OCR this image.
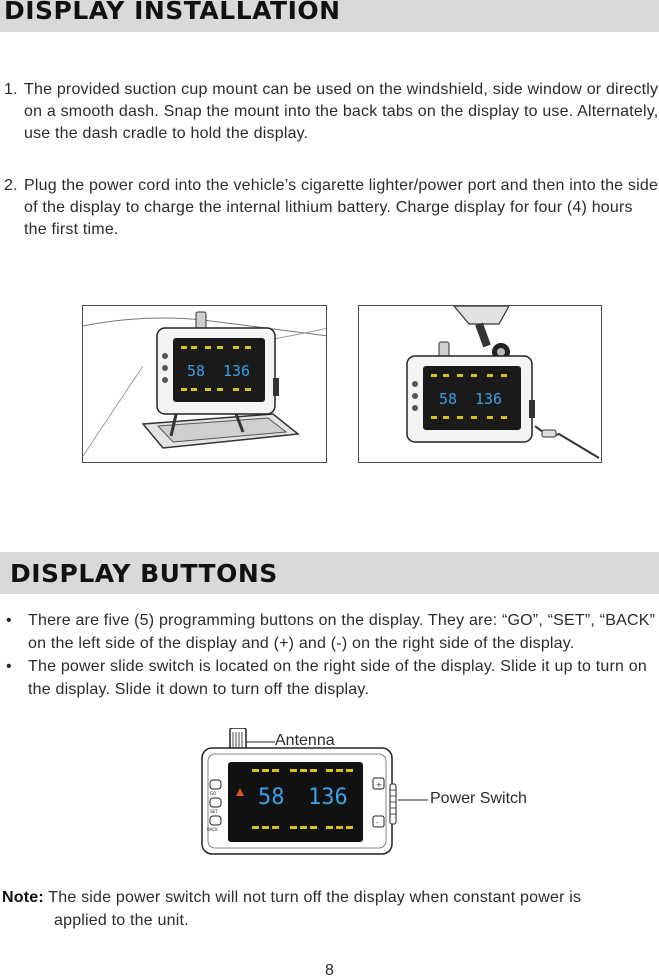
DISPLAY INSTALLATION
1. The provided suction cup mount can be used on the windshield, side window or directly on a smooth dash. Snap the mount into the back tabs on the display to use. Alternately, use the dash cradle to hold the display.
2. Plug the power cord into the vehicle’s cigarette lighter/power port and then into the side of the display to charge the internal lithium battery. Charge display for four (4) hours the first time.
58 136
58 136
DISPLAY BUTTONS
• There are five (5) programming buttons on the display. They are: “GO”, “SET”, “BACK” on the left side of the display and (+) and (-) on the right side of the display.
• The power slide switch is located on the right side of the display. Slide it up to turn on the display. Slide it down to turn off the display.
58 136
GO
SET
BACK
+
-
Antenna
Power Switch
Note: The side power switch will not turn off the display when constant power is
applied to the unit.
8
